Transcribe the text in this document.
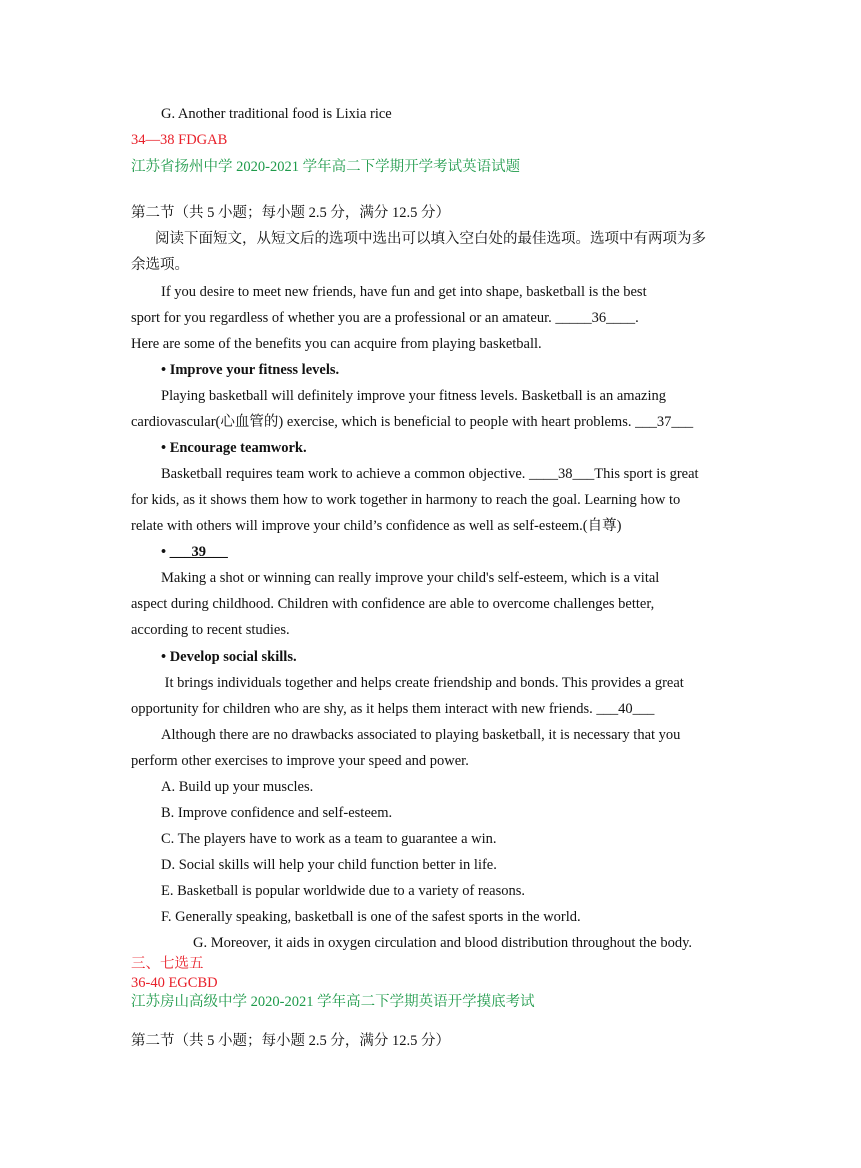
G. Another traditional food is Lixia rice
34—38 FDGAB
江苏省扬州中学 2020-2021 学年高二下学期开学考试英语试题
第二节（共 5 小题；每小题 2.5 分，满分 12.5 分）
阅读下面短文，从短文后的选项中选出可以填入空白处的最佳选项。选项中有两项为多
余选项。
If you desire to meet new friends, have fun and get into shape, basketball is the best
sport for you regardless of whether you are a professional or an amateur. _____36____.
Here are some of the benefits you can acquire from playing basketball.
• Improve your fitness levels.
Playing basketball will definitely improve your fitness levels. Basketball is an amazing
cardiovascular(心血管的) exercise, which is beneficial to people with heart problems. ___37___
• Encourage teamwork.
Basketball requires team work to achieve a common objective. ____38___This sport is great
for kids, as it shows them how to work together in harmony to reach the goal. Learning how to
relate with others will improve your child’s confidence as well as self-esteem.(自尊)
• ___39___
Making a shot or winning can really improve your child's self-esteem, which is a vital
aspect during childhood. Children with confidence are able to overcome challenges better,
according to recent studies.
• Develop social skills.
It brings individuals together and helps create friendship and bonds. This provides a great
opportunity for children who are shy, as it helps them interact with new friends. ___40___
Although there are no drawbacks associated to playing basketball, it is necessary that you
perform other exercises to improve your speed and power.
A. Build up your muscles.
B. Improve confidence and self-esteem.
C. The players have to work as a team to guarantee a win.
D. Social skills will help your child function better in life.
E. Basketball is popular worldwide due to a variety of reasons.
F. Generally speaking, basketball is one of the safest sports in the world.
G. Moreover, it aids in oxygen circulation and blood distribution throughout the body.
三、七选五
36-40 EGCBD
江苏房山高级中学 2020-2021 学年高二下学期英语开学摸底考试
第二节（共 5 小题；每小题 2.5 分，满分 12.5 分）
